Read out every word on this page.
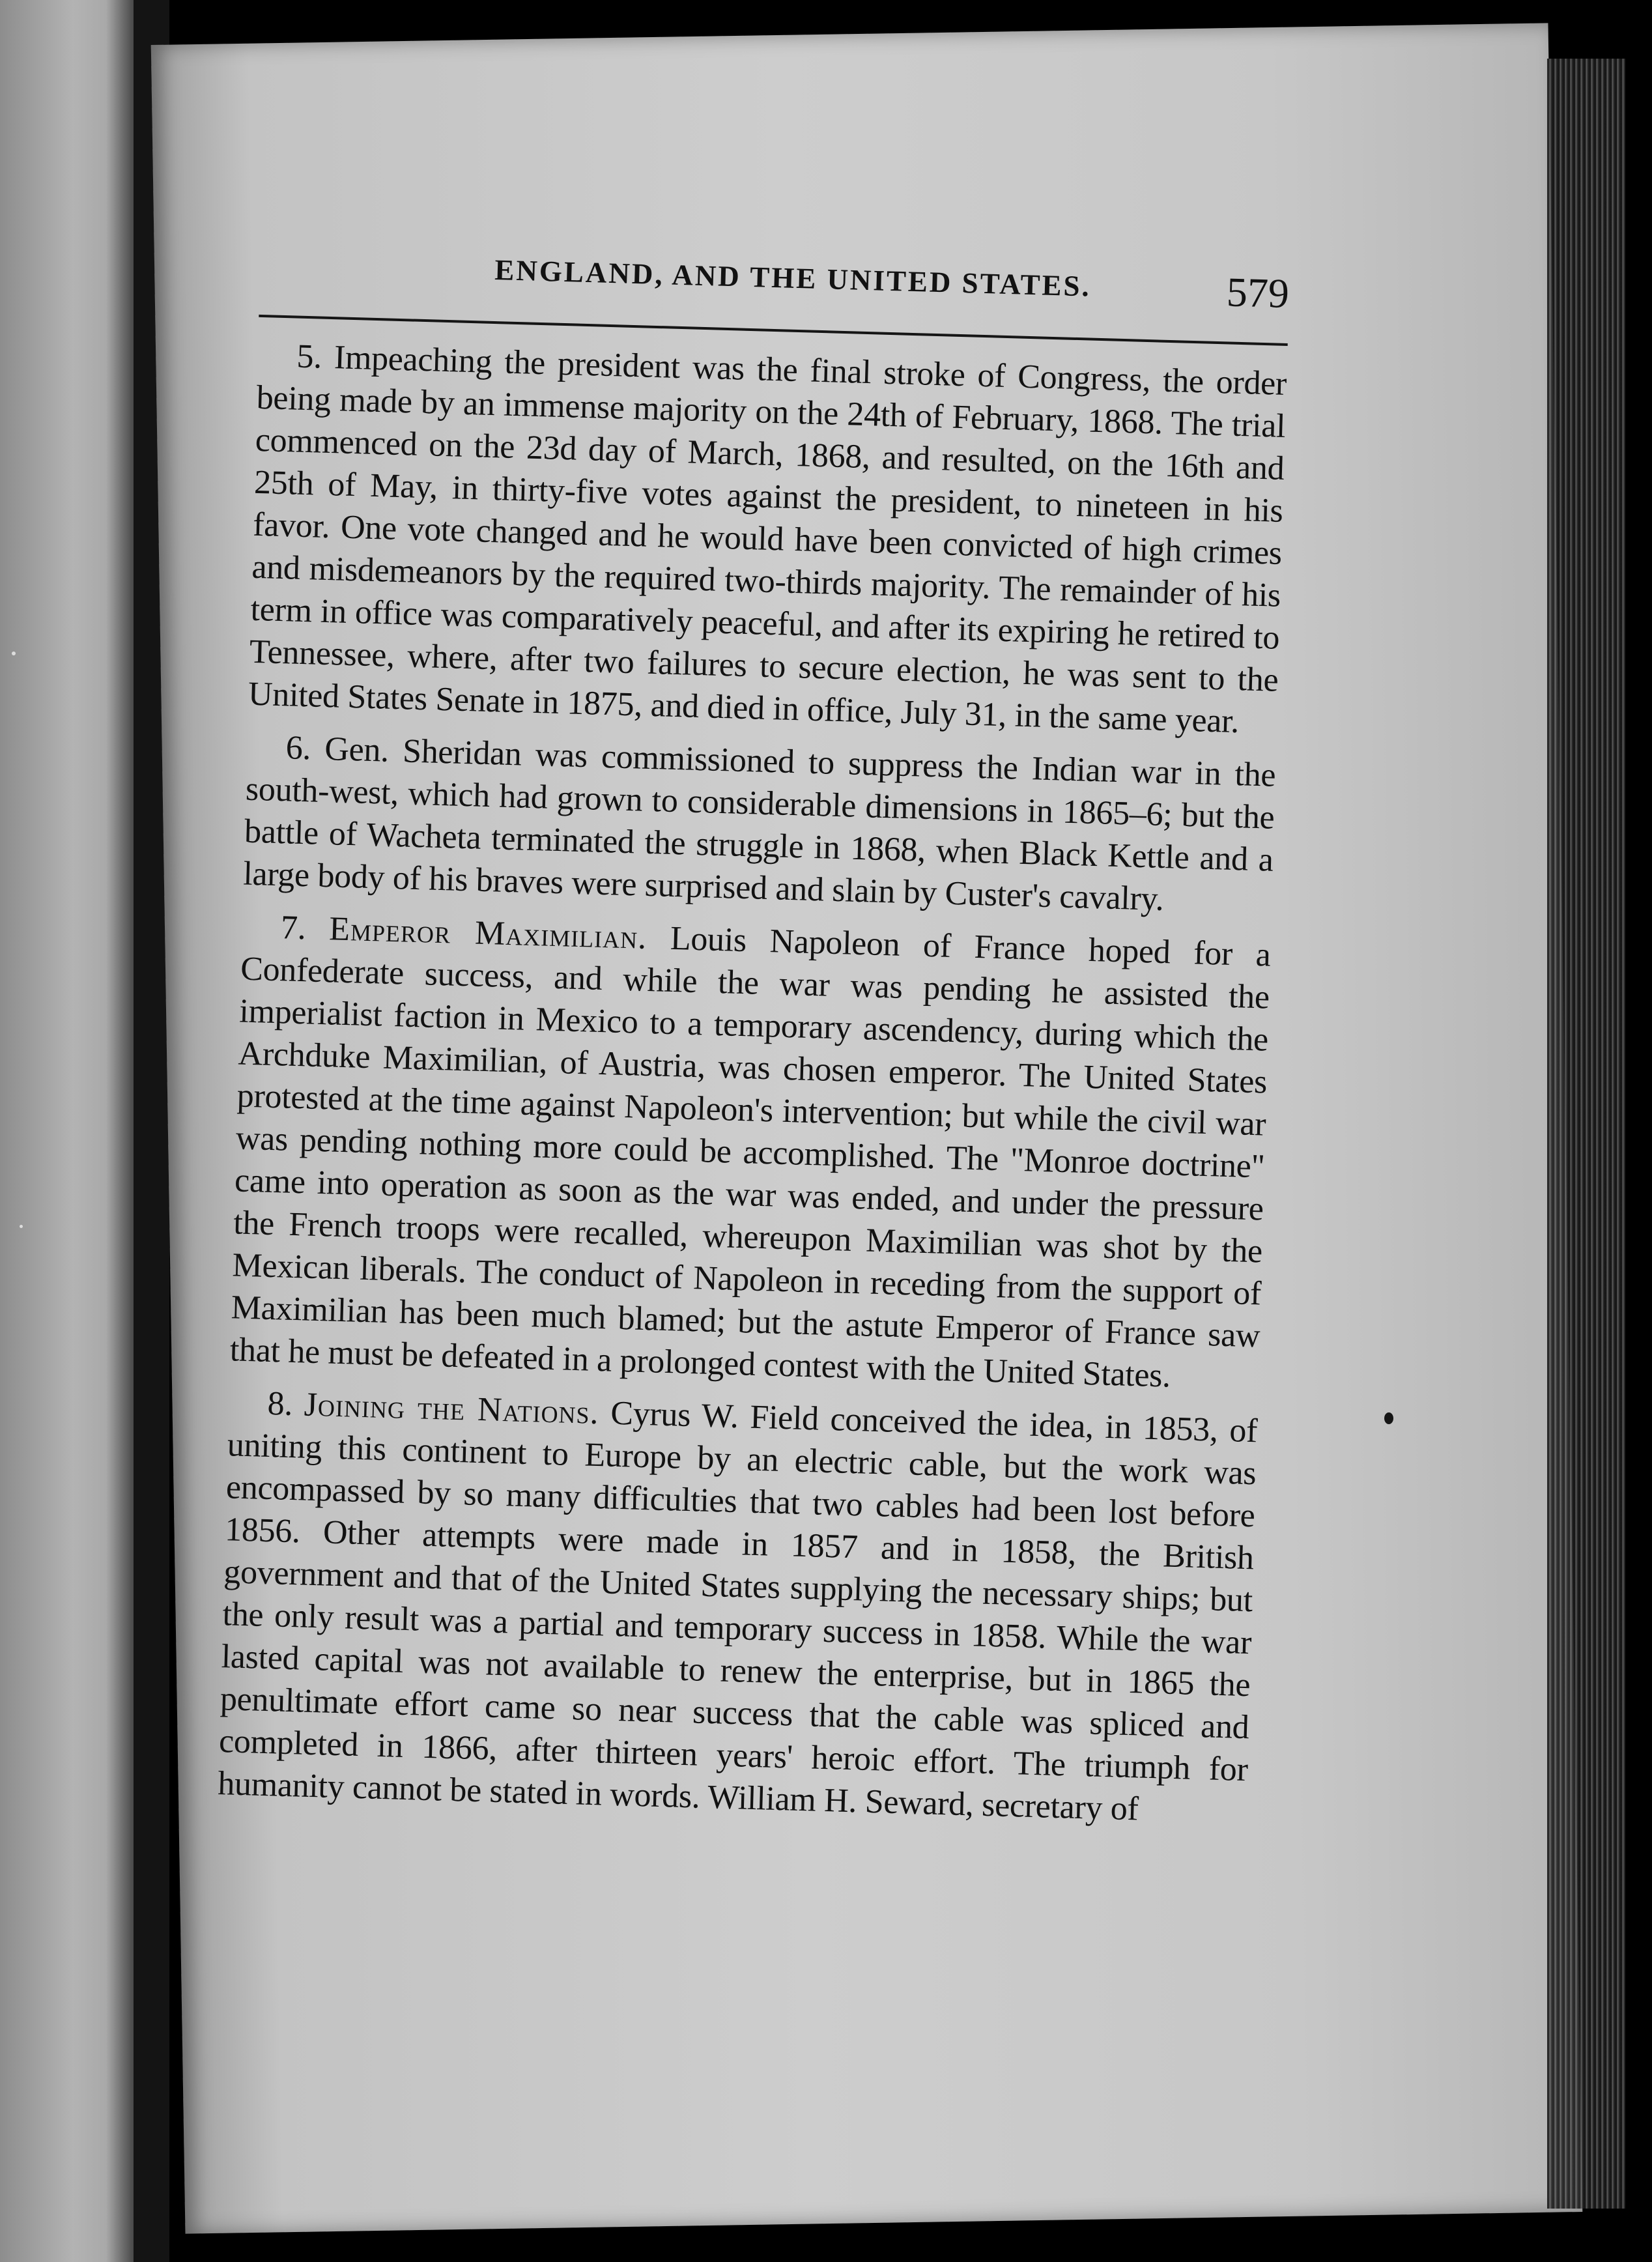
ENGLAND, AND THE UNITED STATES.	579

5. Impeaching the president was the final stroke of Congress, the order being made by an immense majority on the 24th of February, 1868. The trial commenced on the 23d day of March, 1868, and resulted, on the 16th and 25th of May, in thirty-five votes against the president, to nineteen in his favor. One vote changed and he would have been convicted of high crimes and misdemeanors by the required two-thirds majority. The remainder of his term in office was comparatively peaceful, and after its expiring he retired to Tennessee, where, after two failures to secure election, he was sent to the United States Senate in 1875, and died in office, July 31, in the same year.

6. Gen. Sheridan was commissioned to suppress the Indian war in the south-west, which had grown to considerable dimensions in 1865–6; but the battle of Wacheta terminated the struggle in 1868, when Black Kettle and a large body of his braves were surprised and slain by Custer's cavalry.

7. Emperor Maximilian. Louis Napoleon of France hoped for a Confederate success, and while the war was pending he assisted the imperialist faction in Mexico to a temporary ascendency, during which the Archduke Maximilian, of Austria, was chosen emperor. The United States protested at the time against Napoleon's intervention; but while the civil war was pending nothing more could be accomplished. The "Monroe doctrine" came into operation as soon as the war was ended, and under the pressure the French troops were recalled, whereupon Maximilian was shot by the Mexican liberals. The conduct of Napoleon in receding from the support of Maximilian has been much blamed; but the astute Emperor of France saw that he must be defeated in a prolonged contest with the United States.

8. Joining the Nations. Cyrus W. Field conceived the idea, in 1853, of uniting this continent to Europe by an electric cable, but the work was encompassed by so many difficulties that two cables had been lost before 1856. Other attempts were made in 1857 and in 1858, the British government and that of the United States supplying the necessary ships; but the only result was a partial and temporary success in 1858. While the war lasted capital was not available to renew the enterprise, but in 1865 the penultimate effort came so near success that the cable was spliced and completed in 1866, after thirteen years' heroic effort. The triumph for humanity cannot be stated in words. William H. Seward, secretary of
